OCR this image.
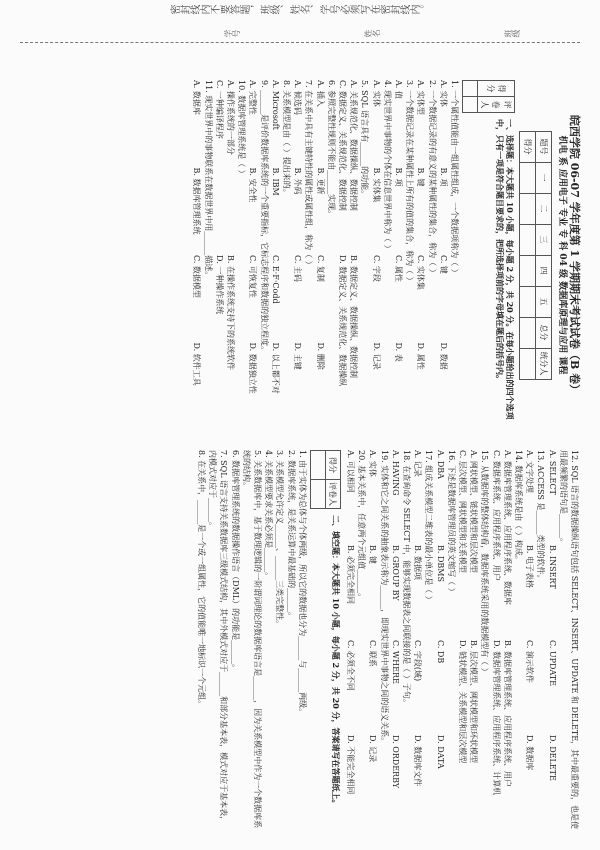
密封线内不要答题，班级、姓名、学号必须写在密封线内。
班级
姓名
学号
皖西学院 06-07 学年度第 1 学期期末考试试卷（B 卷）
机电 系 应用电子 专业 专 科 04 级 数据库原理与应用 课程
题号	一	二	三	四	五	总分	统分人
得分							
得分	评卷人

一、选择题：本大题共 10 小题，每小题 2 分，共 20 分。在每小题给出的四个选项中，只有一项是符合题目要求的，把所选择项前的字母填在题后的括号内。

1. 一个属性值能由一组属性组成，一个数据项称为（ ）

A. 实体
B. 项
C. 键
D. 数据

2. 一个数据记录的有意义的某种属性的集合，称为（ ）

A. 实体型
B. 键
C. 实体集
D. 属性

3. 一个数据记录在某种属性上所有的值的集合，称为（ ）

A. 值
B. 项
C. 属性
D. 表

4. 现实世界中事物的个体在信息世界中称为（ ）

A. 实体
B. 实体集
C. 字段
D. 记录

5. SQL 语言具有______的功能。

A. 关系规范化、数据操纵、数据控制
B. 数据定义、数据操纵、数据控制
C. 数据定义、关系规范化、数据控制
D. 数据定义、关系规范化、数据操纵

6. 参照完整性规则不能由______实现。

A. 插入
B. 更新
C. 复制
D. 删除

7. 在关系中具有主键特性的属性或属性组，称为（ ）

A. 候选码
B. 外码
C. 主码
D. 主键

8. 关系模型是由（ ）提出来的。

A. Microsoft
B. IBM
C. E·F·Codd
D. 以上都不对

9. ______是评价数据库系统的一个重要指标，它标志程序和数据的独立程度。

A. 完整性
B. 安全性
C. 可恢复性
D. 数据独立性

10. 数据库管理系统是（ ）

A. 操作系统的一部分
B. 在操作系统支持下的系统软件
C. 一种编译程序
D. 一种操作系统

11. 现实世界中的事物联系在数据世界中用______描述。

A. 数据库
B. 数据库管理系统
C. 数据模型
D. 软件工具

12. SQL 语言的数据操纵语句包括 SELECT、INSERT、UPDATE 和 DELETE，其中最重要的，也是使用最频繁的语句是______。

A. SELECT
B. INSERT
C. UPDATE
D. DELETE

13. ACCESS 是______类型的软件。

A. 文字处理
B. 电子表格
C. 演示软件
D. 数据库

14. 数据库系统是由（ ）构成。

A. 数据库管理系统、应用程序系统、数据库
B. 数据库管理系统、应用程序系统、用户
C. 数据库系统、应用程序系统、用户
D. 数据库管理系统、应用程序系统、计算机

15. 从数据库的整体结构看，数据库系统采用的数据模型有（ ）

A. 网状模型、链状模型和层次模型
B. 层次模型、网状模型和环状模型
C. 层次模型、网状模型和关系模型
D. 链状模型、关系模型和层次模型

16. 下述是数据库管理员的英文缩写（ ）

A. DBA
B. DBMS
C. DB
D. DATA

17. 组成关系模型二维表的最小单位是（ ）

A. 记录
B. 数据项
C. 字段(域)
D. 数据库文件

18. 在查询命令 SELECT 中，能够实现数据表之间联接的是（ ）子句。

A. HAVING
B. GROUP BY
C. WHERE
D. ORDERBY

19. 实体和它之间关系的抽象表示称为______，即现实世界中事物之间的语义关系。

A. 实体
B. 键
C. 联系
D. 记录

20. 基本关系中，任意两个元组值______。

A. 可以相同
B. 必须完全相同
C. 必须全不同
D. 不能完全相同
得分	评卷人

二、填空题：本大题共 10 小题，每小题 2 分，共 20 分，答案请写在答题纸上。

1. 由于实体为总体与个体两级，所以它的数据也分为______与______两级。

2. 数据库系统，是关系运算中最基础的______。

3. 关系模型允许定义______、______三类完整性。

4. 关系模型要求关系必须是______。

5. 关系数据库中，基于数理逻辑的一阶谓词理论的数据库语言是______，因为关系模型中作为一个数据库系统的结构。

6. 数据库管理系统的数据操作语言（DML）的功能是______。

7. SQL 语言支持关系数据库三级模式结构，其中外模式对应于______和部分基本表，模式对应于基本表，内模式对应于______。

8. 在关系中，______是一个或一组属性，它的值能唯一地标识一个元组。
